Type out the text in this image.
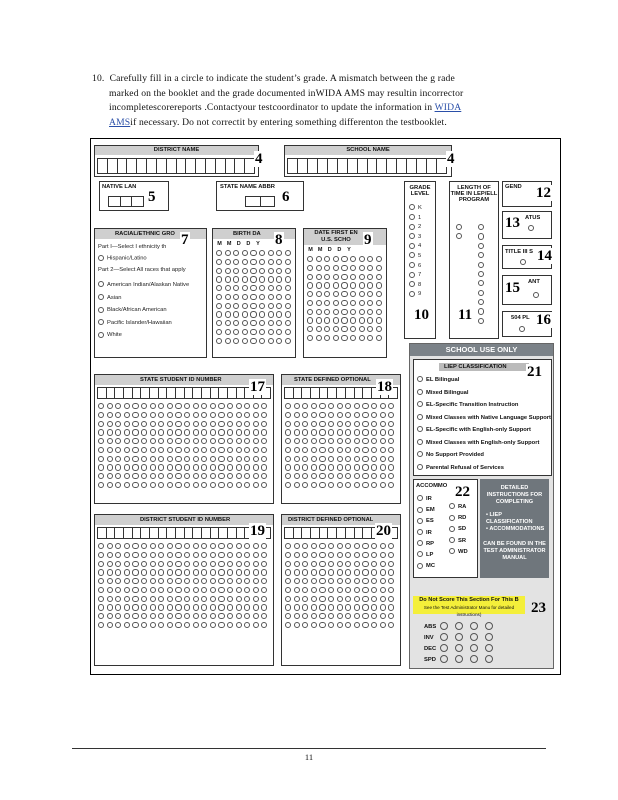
10. Carefully fill in a circle to indicate the student’s grade. A mismatch between the g rade
marked on the booklet and the grade documented inWIDA AMS may resultin incorrector
incompletescorereports .Contactyour testcoordinator to update the information in WIDA
AMSif necessary. Do not correctit by entering something differenton the testbooklet.
DISTRICT NAME
4
SCHOOL NAME
4
NATIVE LAN
5
STATE NAME ABBR
6
GRADE LEVEL
K
1
2
3
4
5
6
7
8
9
10
LENGTH OF TIME IN LEP/ELL PROGRAM
11
GEND 12
ATUS
13
TITLE III S 14
ANT
15
504 PL 16
RACIAL/ETHNIC GRO
Part I—Select I ethnicity th
Hispanic/Latino
Part 2—Select All races that apply
American Indian/Alaskan Native
Asian
Black/African American
Pacific Islander/Hawaiian
White
7	BIRTH DA
M M D D	Y 8	DATE FIRST EN U.S. SCHO
M M D D	Y
9
STATE STUDENT ID NUMBER 17	STATE DEFINED OPTIONAL 18
DISTRICT STUDENT ID NUMBER
19
DISTRICT DEFINED OPTIONAL
20
SCHOOL USE ONLY
LIEP CLASSIFICATION
EL Bilingual
Mixed Bilingual
EL-Specific Transition Instruction
Mixed Classes with Native Language Support
EL-Specific with English-only Support
Mixed Classes with English-only Support
No Support Provided
Parental Refusal of Services
21
ACCOMMO
IR
EM
ES
IR
RP
LP
MC
RA
RD
SD
SR
WD
22	DETAILED INSTRUCTIONS FOR COMPLETING
• LIEP CLASSIFICATION
• ACCOMMODATIONS
CAN BE FOUND IN THE TEST ADMINISTRATOR MANUAL
Do Not Score This Section For This B
See the Test Administrator Manu for detailed instructions)	23
ABS
INV
DEC
SPD
11
